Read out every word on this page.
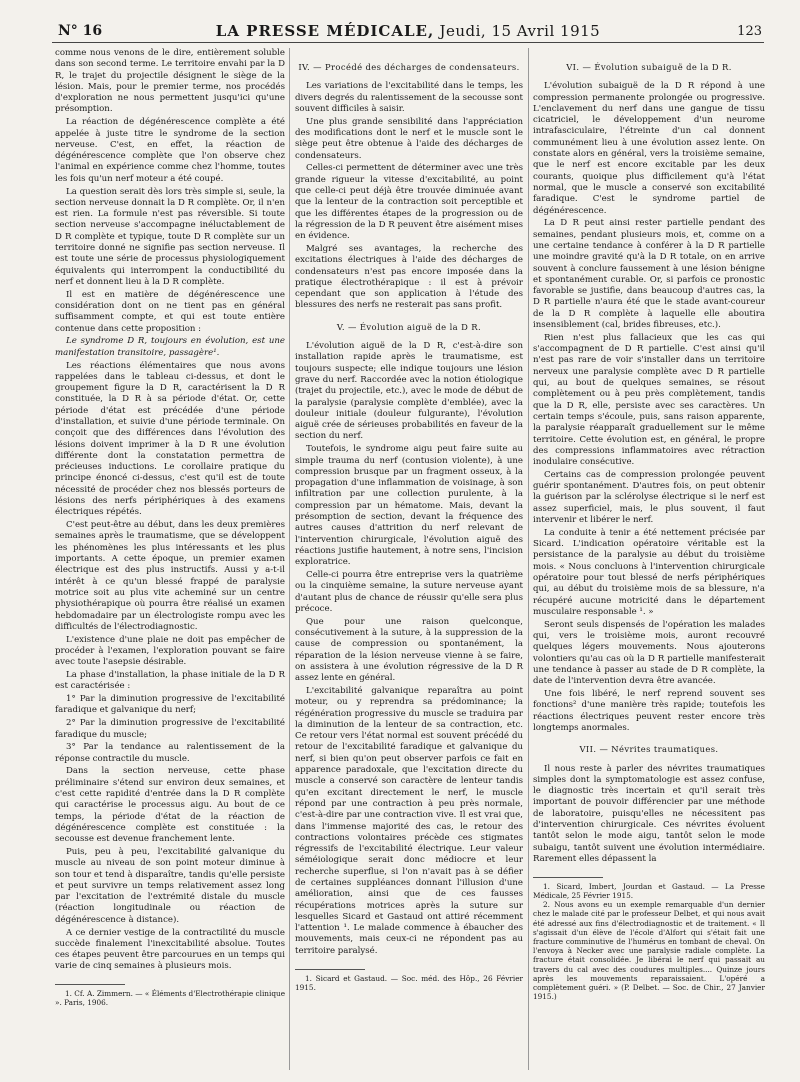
N° 16	LA PRESSE MÉDICALE, Jeudi, 15 Avril 1915	123

comme nous venons de le dire, entièrement soluble dans son second terme. Le territoire envahi par la D R, le trajet du projectile désignent le siège de la lésion. Mais, pour le premier terme, nos procédés d'exploration ne nous permettent jusqu'ici qu'une présomption.

La réaction de dégénérescence complète a été appelée à juste titre le syndrome de la section nerveuse. C'est, en effet, la réaction de dégénérescence complète que l'on observe chez l'animal en expérience comme chez l'homme, toutes les fois qu'un nerf moteur a été coupé.

La question serait dès lors très simple si, seule, la section nerveuse donnait la D R complète. Or, il n'en est rien. La formule n'est pas réversible. Si toute section nerveuse s'accompagne inéluctablement de D R complète et typique, toute D R complète sur un territoire donné ne signifie pas section nerveuse. Il est toute une série de processus physiologiquement équivalents qui interrompent la conductibilité du nerf et donnent lieu à la D R complète.

Il est en matière de dégénérescence une considération dont on ne tient pas en général suffisamment compte, et qui est toute entière contenue dans cette proposition :

Le syndrome D R, toujours en évolution, est une manifestation transitoire, passagère¹.

Les réactions élémentaires que nous avons rappelées dans le tableau ci-dessus, et dont le groupement figure la D R, caractérisent la D R constituée, la D R à sa période d'état. Or, cette période d'état est précédée d'une période d'installation, et suivie d'une période terminale. On conçoit que des différences dans l'évolution des lésions doivent imprimer à la D R une évolution différente dont la constatation permettra de précieuses inductions. Le corollaire pratique du principe énoncé ci-dessus, c'est qu'il est de toute nécessité de procéder chez nos blessés porteurs de lésions des nerfs périphériques à des examens électriques répétés.

C'est peut-être au début, dans les deux premières semaines après le traumatisme, que se développent les phénomènes les plus intéressants et les plus importants. A cette époque, un premier examen électrique est des plus instructifs. Aussi y a-t-il intérêt à ce qu'un blessé frappé de paralysie motrice soit au plus vite acheminé sur un centre physiothérapique où pourra être réalisé un examen hebdomadaire par un électrologiste rompu avec les difficultés de l'électrodiagnostic.

L'existence d'une plaie ne doit pas empêcher de procéder à l'examen, l'exploration pouvant se faire avec toute l'asepsie désirable.

La phase d'installation, la phase initiale de la D R est caractérisée :

1° Par la diminution progressive de l'excitabilité faradique et galvanique du nerf;

2° Par la diminution progressive de l'excitabilité faradique du muscle;

3° Par la tendance au ralentissement de la réponse contractile du muscle.

Dans la section nerveuse, cette phase préliminaire s'étend sur environ deux semaines, et c'est cette rapidité d'entrée dans la D R complète qui caractérise le processus aigu. Au bout de ce temps, la période d'état de la réaction de dégénérescence complète est constituée : la secousse est devenue franchement lente.

Puis, peu à peu, l'excitabilité galvanique du muscle au niveau de son point moteur diminue à son tour et tend à disparaître, tandis qu'elle persiste et peut survivre un temps relativement assez long par l'excitation de l'extrémité distale du muscle (réaction longitudinale ou réaction de dégénérescence à distance).

A ce dernier vestige de la contractilité du muscle succède finalement l'inexcitabilité absolue. Toutes ces étapes peuvent être parcourues en un temps qui varie de cinq semaines à plusieurs mois.

1. Cf. A. Zimmern. — « Éléments d'Electrothérapie clinique ». Paris, 1906.

IV. — Procédé des décharges de condensateurs.

Les variations de l'excitabilité dans le temps, les divers degrés du ralentissement de la secousse sont souvent difficiles à saisir.

Une plus grande sensibilité dans l'appréciation des modifications dont le nerf et le muscle sont le siège peut être obtenue à l'aide des décharges de condensateurs.

Celles-ci permettent de déterminer avec une très grande rigueur la vitesse d'excitabilité, au point que celle-ci peut déjà être trouvée diminuée avant que la lenteur de la contraction soit perceptible et que les différentes étapes de la progression ou de la régression de la D R peuvent être aisément mises en évidence.

Malgré ses avantages, la recherche des excitations électriques à l'aide des décharges de condensateurs n'est pas encore imposée dans la pratique électrothérapique : il est à prévoir cependant que son application à l'étude des blessures des nerfs ne resterait pas sans profit.

V. — Évolution aiguë de la D R.

L'évolution aiguë de la D R, c'est-à-dire son installation rapide après le traumatisme, est toujours suspecte; elle indique toujours une lésion grave du nerf. Raccordée avec la notion étiologique (trajet du projectile, etc.), avec le mode de début de la paralysie (paralysie complète d'emblée), avec la douleur initiale (douleur fulgurante), l'évolution aiguë crée de sérieuses probabilités en faveur de la section du nerf.

Toutefois, le syndrome aigu peut faire suite au simple trauma du nerf (contusion violente), à une compression brusque par un fragment osseux, à la propagation d'une inflammation de voisinage, à son infiltration par une collection purulente, à la compression par un hématome. Mais, devant la présomption de section, devant la fréquence des autres causes d'attrition du nerf relevant de l'intervention chirurgicale, l'évolution aiguë des réactions justifie hautement, à notre sens, l'incision exploratrice.

Celle-ci pourra être entreprise vers la quatrième ou la cinquième semaine, la suture nerveuse ayant d'autant plus de chance de réussir qu'elle sera plus précoce.

Que pour une raison quelconque, consécutivement à la suture, à la suppression de la cause de compression ou spontanément, la réparation de la lésion nerveuse vienne à se faire, on assistera à une évolution régressive de la D R assez lente en général.

L'excitabilité galvanique reparaîtra au point moteur, ou y reprendra sa prédominance; la régénération progressive du muscle se traduira par la diminution de la lenteur de sa contraction, etc. Ce retour vers l'état normal est souvent précédé du retour de l'excitabilité faradique et galvanique du nerf, si bien qu'on peut observer parfois ce fait en apparence paradoxale, que l'excitation directe du muscle a conservé son caractère de lenteur tandis qu'en excitant directement le nerf, le muscle répond par une contraction à peu près normale, c'est-à-dire par une contraction vive. Il est vrai que, dans l'immense majorité des cas, le retour des contractions volontaires précède ces stigmates régressifs de l'excitabilité électrique. Leur valeur séméiologique serait donc médiocre et leur recherche superflue, si l'on n'avait pas à se défier de certaines suppléances donnant l'illusion d'une amélioration, ainsi que de ces fausses récupérations motrices après la suture sur lesquelles Sicard et Gastaud ont attiré récemment l'attention ¹. Le malade commence à ébaucher des mouvements, mais ceux-ci ne répondent pas au territoire paralysé.

1. Sicard et Gastaud. — Soc. méd. des Hôp., 26 Février 1915.

VI. — Évolution subaiguë de la D R.

L'évolution subaiguë de la D R répond à une compression permanente prolongée ou progressive. L'enclavement du nerf dans une gangue de tissu cicatriciel, le développement d'un neurome intrafasciculaire, l'étreinte d'un cal donnent communément lieu à une évolution assez lente. On constate alors en général, vers la troisième semaine, que le nerf est encore excitable par les deux courants, quoique plus difficilement qu'à l'état normal, que le muscle a conservé son excitabilité faradique. C'est le syndrome partiel de dégénérescence.

La D R peut ainsi rester partielle pendant des semaines, pendant plusieurs mois, et, comme on a une certaine tendance à conférer à la D R partielle une moindre gravité qu'à la D R totale, on en arrive souvent à conclure faussement à une lésion bénigne et spontanément curable. Or, si parfois ce pronostic favorable se justifie, dans beaucoup d'autres cas, la D R partielle n'aura été que le stade avant-coureur de la D R complète à laquelle elle aboutira insensiblement (cal, brides fibreuses, etc.).

Rien n'est plus fallacieux que les cas qui s'accompagnent de D R partielle. C'est ainsi qu'il n'est pas rare de voir s'installer dans un territoire nerveux une paralysie complète avec D R partielle qui, au bout de quelques semaines, se résout complètement ou à peu près complètement, tandis que la D R, elle, persiste avec ses caractères. Un certain temps s'écoule, puis, sans raison apparente, la paralysie réapparaît graduellement sur le même territoire. Cette évolution est, en général, le propre des compressions inflammatoires avec rétraction inodulaire consécutive.

Certains cas de compression prolongée peuvent guérir spontanément. D'autres fois, on peut obtenir la guérison par la sclérolyse électrique si le nerf est assez superficiel, mais, le plus souvent, il faut intervenir et libérer le nerf.

La conduite à tenir a été nettement précisée par Sicard. L'indication opératoire véritable est la persistance de la paralysie au début du troisième mois. « Nous concluons à l'intervention chirurgicale opératoire pour tout blessé de nerfs périphériques qui, au début du troisième mois de sa blessure, n'a récupéré aucune motricité dans le département musculaire responsable ¹. »

Seront seuls dispensés de l'opération les malades qui, vers le troisième mois, auront recouvré quelques légers mouvements. Nous ajouterons volontiers qu'au cas où la D R partielle manifesterait une tendance à passer au stade de D R complète, la date de l'intervention devra être avancée.

Une fois libéré, le nerf reprend souvent ses fonctions² d'une manière très rapide; toutefois les réactions électriques peuvent rester encore très longtemps anormales.

VII. — Névrites traumatiques.

Il nous reste à parler des névrites traumatiques simples dont la symptomatologie est assez confuse, le diagnostic très incertain et qu'il serait très important de pouvoir différencier par une méthode de laboratoire, puisqu'elles ne nécessitent pas d'intervention chirurgicale. Ces névrites évoluent tantôt selon le mode aigu, tantôt selon le mode subaigu, tantôt suivent une évolution intermédiaire. Rarement elles dépassent la

1. Sicard, Imbert, Jourdan et Gastaud. — La Presse Médicale, 25 Février 1915.

2. Nous avons eu un exemple remarquable d'un dernier chez le malade cité par le professeur Delbet, et qui nous avait été adressé aux fins d'électrodiagnostic et de traitement. « Il s'agissait d'un élève de l'école d'Alfort qui s'était fait une fracture comminutive de l'humérus en tombant de cheval. On l'envoya à Necker avec une paralysie radiale complète. La fracture était consolidée. Je libérai le nerf qui passait au travers du cal avec des coudures multiples.... Quinze jours après les mouvements reparaissaient. L'opéré a complètement guéri. » (P. Delbet. — Soc. de Chir., 27 Janvier 1915.)
